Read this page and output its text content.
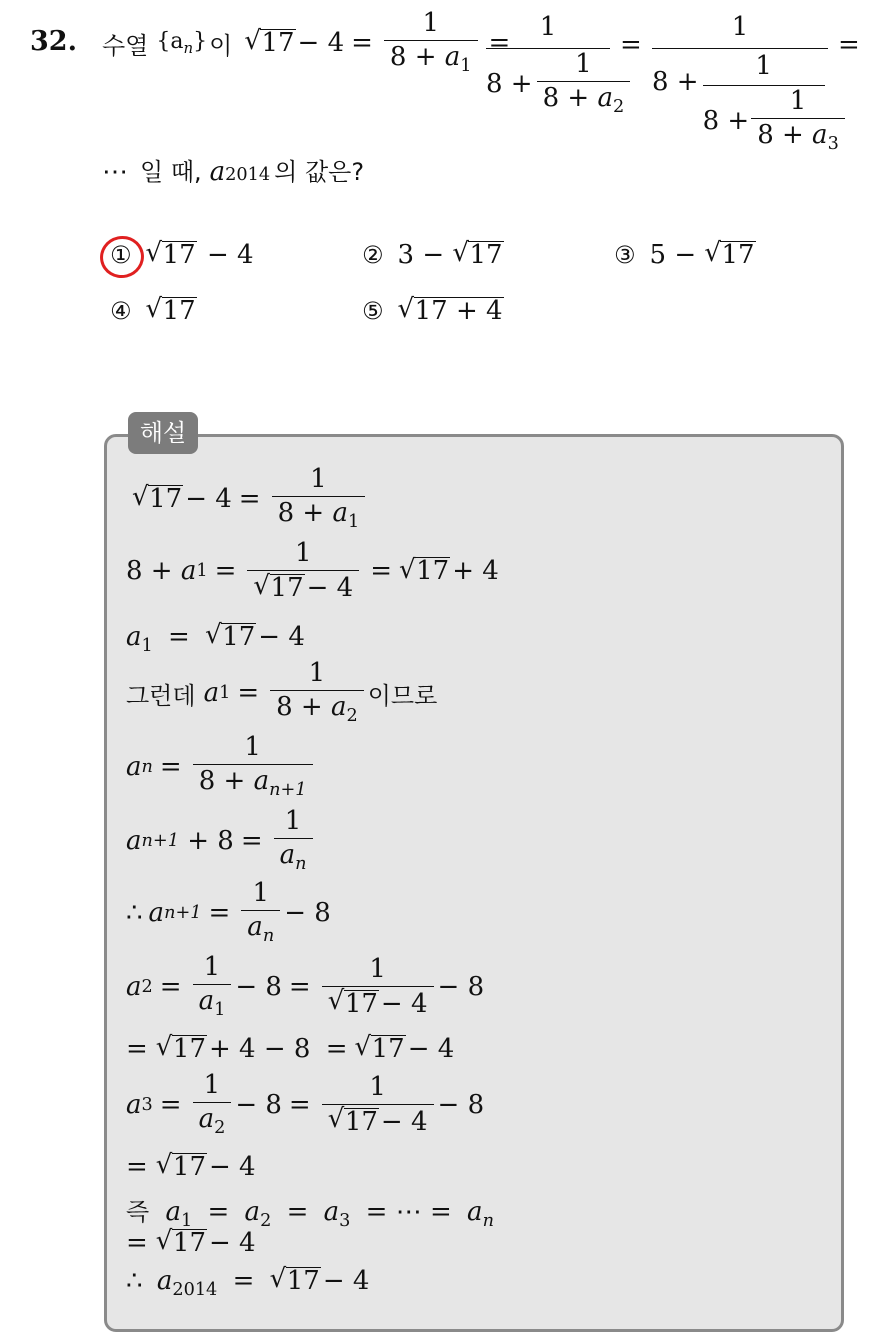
32. 수열 $\{a_n\}$ 이	√ $17 - 4 = \frac{1}{8 + a_1}$ =
1
$8 + \frac{1}{8 + a_2}$
=
1
$8 + \frac{1}{8 + \frac{1}{8 + a_3}}$
=
⋯ 일 때, a 2014 의 값은?
① √ 17 − 4	② 3 − √ 17	③ 5 − √ 17
④ √ 17	⑤ √ 17 + 4
해설
√ $17 - 4 = \frac{1}{8 + a_1}$
8 +
a 1 = 1
√ 17 − 4 = √ 17 + 4
$a_1$ = √ 17 − 4
그런데 a $1 = \frac{1}{8 + a_2}$ 이므로
a $n = \frac{1}{8 + a_{n+1}}$
a n+1
+ $8 = \frac{1}{a_n}$
∴ a $n+1 = \frac{1}{a_n} - 8$
a $2 = \frac{1}{a_1} - 8 = 1$
√ 17 − 4 − 8
= √ 17 + 4 − 8 = √ 17 − 4
a $3 = \frac{1}{a_2} - 8 = 1$
√ 17 − 4 − 8
= √ 17 − 4
즉 $a_1 = a_2 = a_3$ = ⋯ = $a_n$
= √ 17 − 4
∴ $a_{2014}$ = √ 17 − 4
